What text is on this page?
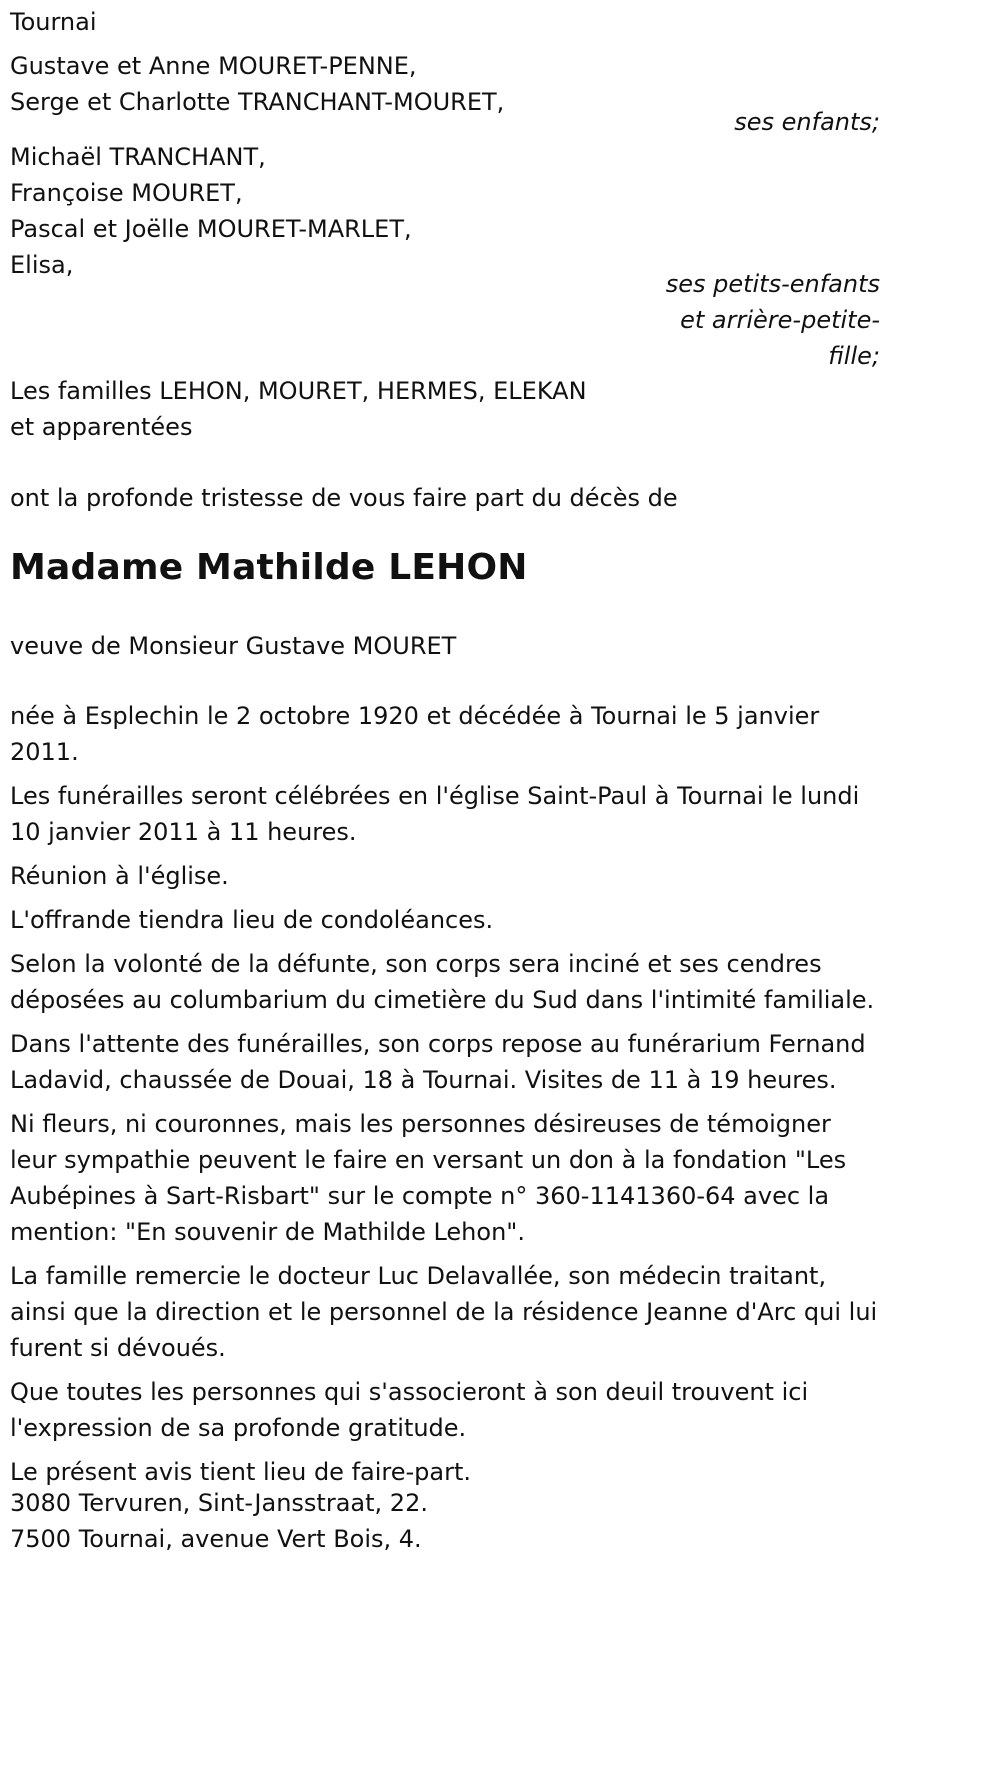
Tournai
Gustave et Anne MOURET-PENNE,
Serge et Charlotte TRANCHANT-MOURET,
ses enfants;
Michaël TRANCHANT,
Françoise MOURET,
Pascal et Joëlle MOURET-MARLET,
Elisa,
ses petits-enfants
et arrière-petite-
fille;
Les familles LEHON, MOURET, HERMES, ELEKAN
et apparentées
ont la profonde tristesse de vous faire part du décès de
Madame Mathilde LEHON
veuve de Monsieur Gustave MOURET

née à Esplechin le 2 octobre 1920 et décédée à Tournai le 5 janvier 2011.

Les funérailles seront célébrées en l'église Saint-Paul à Tournai le lundi 10 janvier 2011 à 11 heures.

Réunion à l'église.

L'offrande tiendra lieu de condoléances.

Selon la volonté de la défunte, son corps sera inciné et ses cendres déposées au columbarium du cimetière du Sud dans l'intimité familiale.

Dans l'attente des funérailles, son corps repose au funérarium Fernand Ladavid, chaussée de Douai, 18 à Tournai. Visites de 11 à 19 heures.

Ni fleurs, ni couronnes, mais les personnes désireuses de témoigner leur sympathie peuvent le faire en versant un don à la fondation "Les Aubépines à Sart-Risbart" sur le compte n° 360-1141360-64 avec la mention: "En souvenir de Mathilde Lehon".

La famille remercie le docteur Luc Delavallée, son médecin traitant, ainsi que la direction et le personnel de la résidence Jeanne d'Arc qui lui furent si dévoués.

Que toutes les personnes qui s'associeront à son deuil trouvent ici l'expression de sa profonde gratitude.

Le présent avis tient lieu de faire-part.

3080 Tervuren, Sint-Jansstraat, 22.
7500 Tournai, avenue Vert Bois, 4.
